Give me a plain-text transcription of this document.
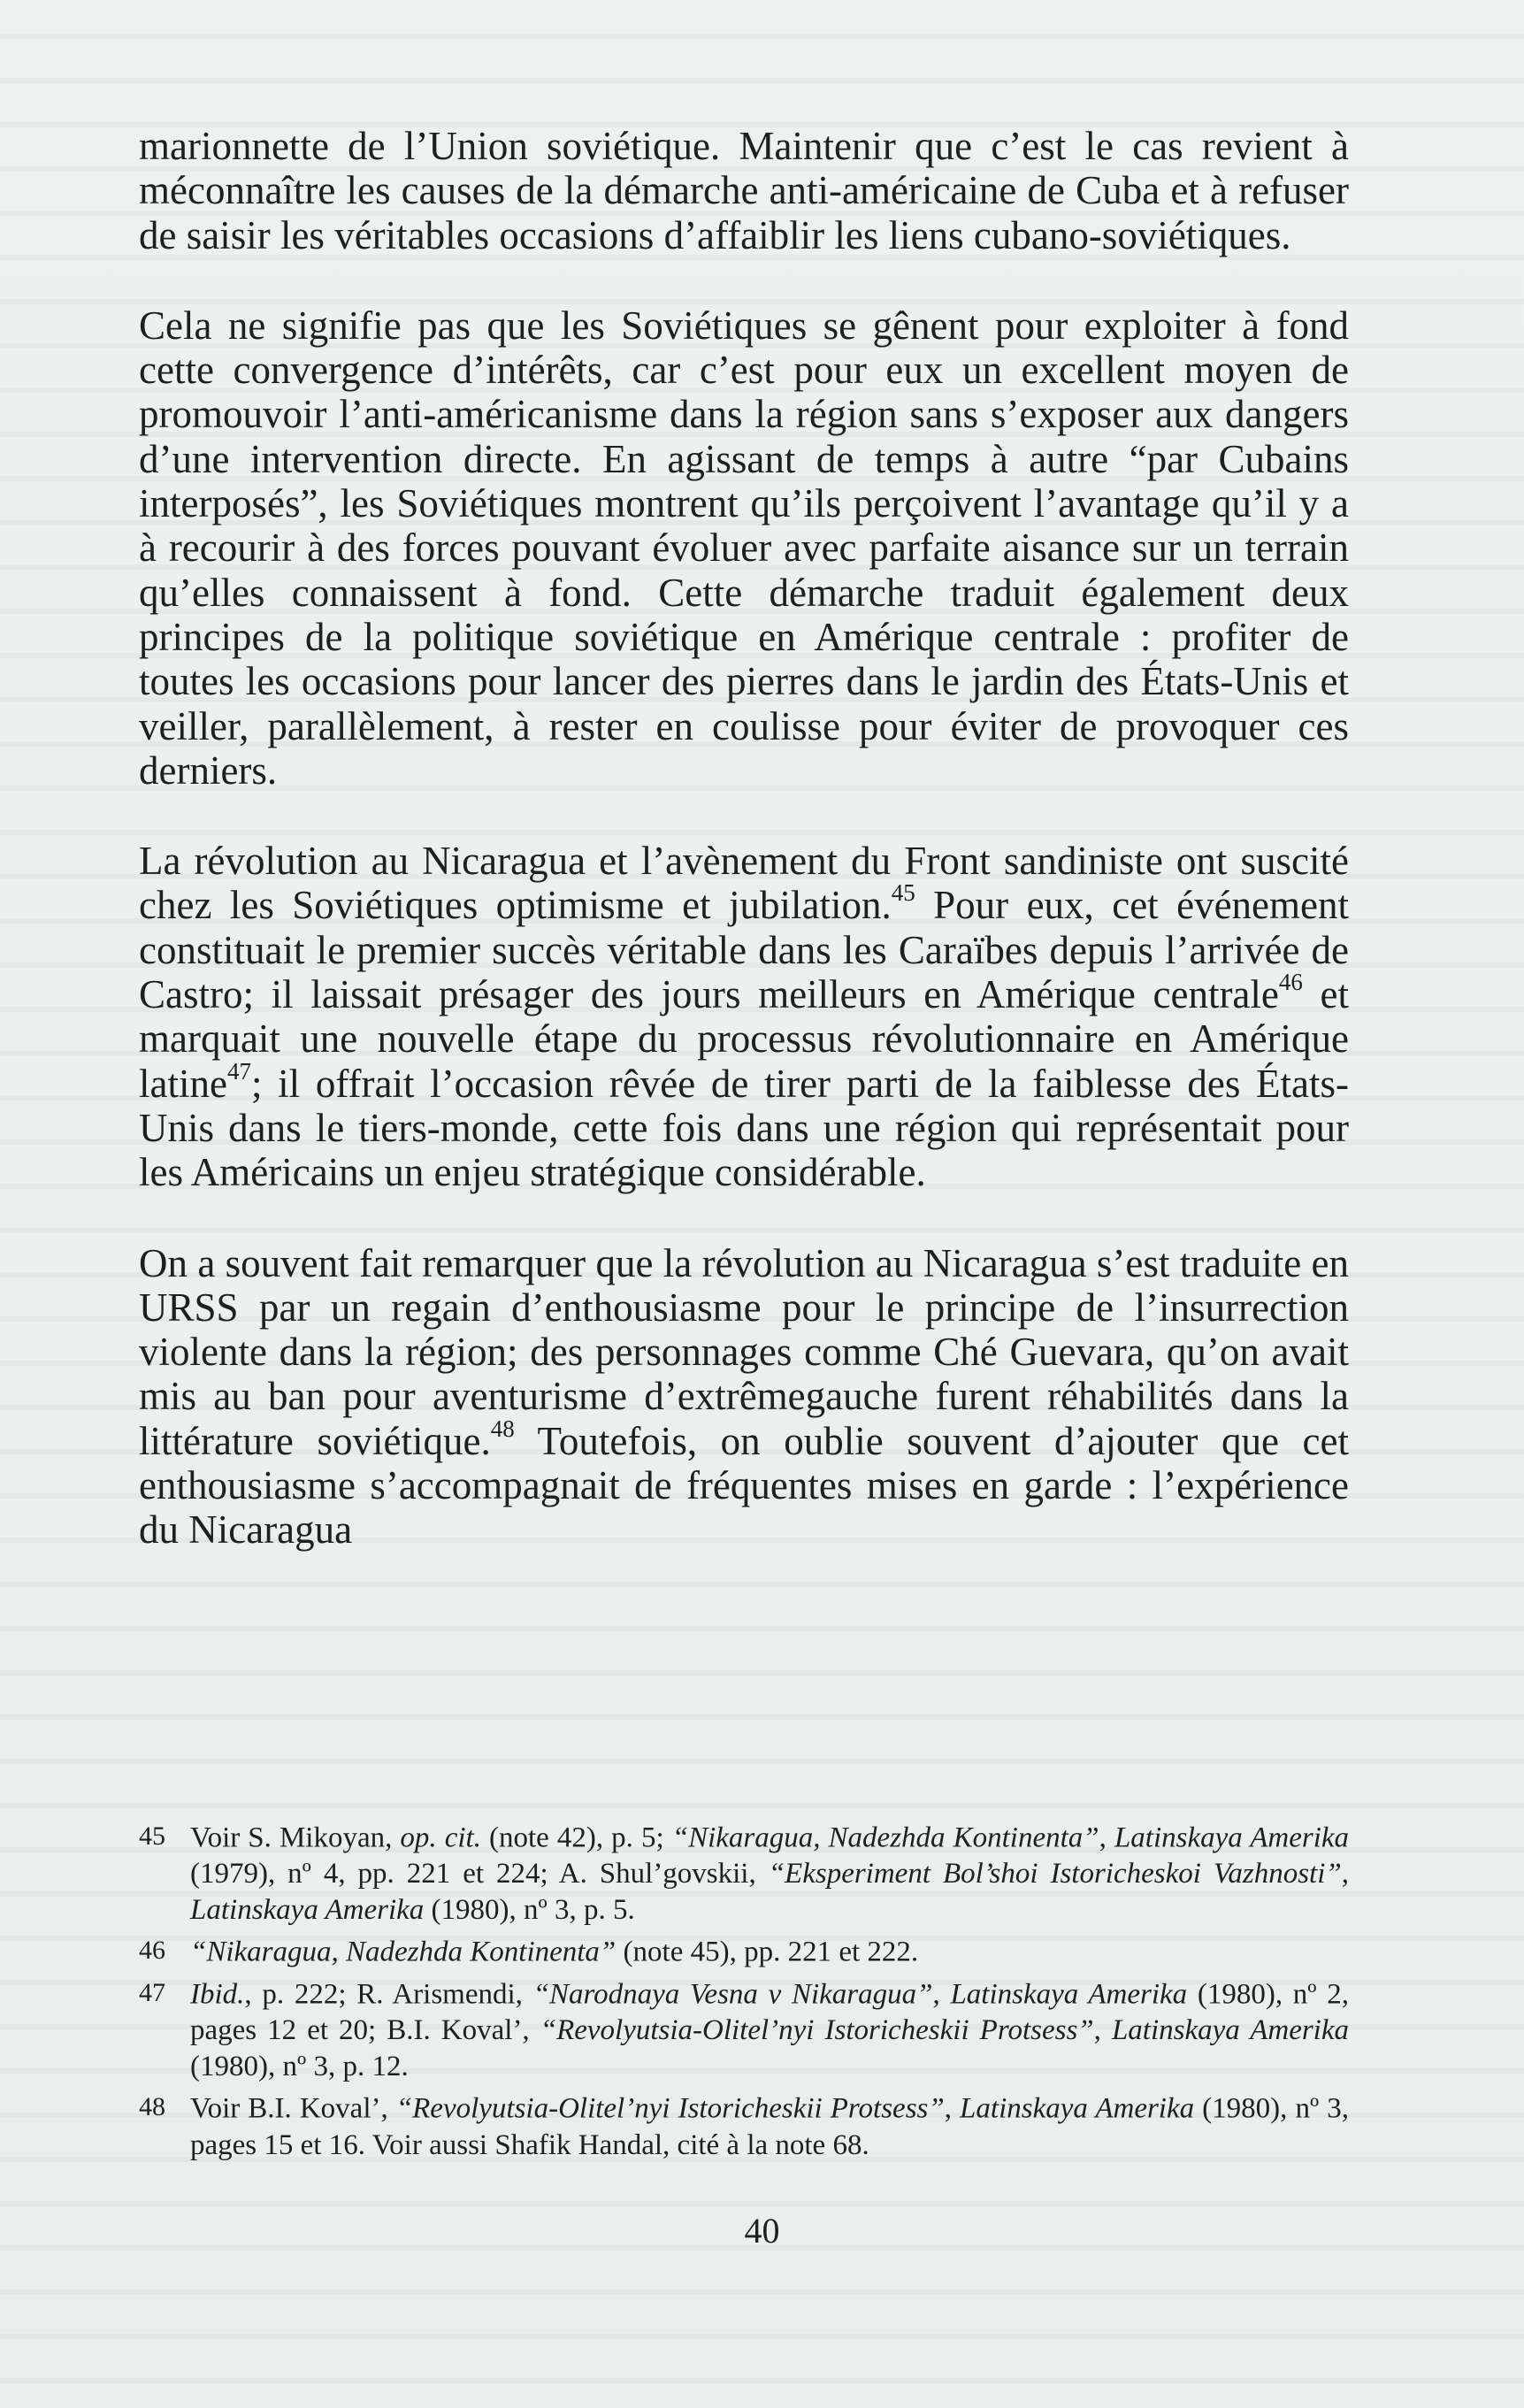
marionnette de l’Union soviétique. Maintenir que c’est le cas revient à méconnaître les causes de la démarche anti-américaine de Cuba et à refuser de saisir les véritables occasions d’affaiblir les liens cubano-soviétiques.

Cela ne signifie pas que les Soviétiques se gênent pour exploiter à fond cette convergence d’intérêts, car c’est pour eux un excellent moyen de promouvoir l’anti-américanisme dans la région sans s’exposer aux dangers d’une intervention directe. En agissant de temps à autre “par Cubains interposés”, les Soviétiques montrent qu’ils perçoivent l’avantage qu’il y a à recourir à des forces pouvant évoluer avec parfaite aisance sur un terrain qu’elles connaissent à fond. Cette démarche traduit également deux principes de la politique soviétique en Amérique centrale : profiter de toutes les occasions pour lancer des pierres dans le jardin des États-Unis et veiller, parallèlement, à rester en coulisse pour éviter de provoquer ces derniers.

La révolution au Nicaragua et l’avènement du Front sandiniste ont suscité chez les Soviétiques optimisme et jubilation.$^{45}$ Pour eux, cet événement constituait le premier succès véritable dans les Caraïbes depuis l’arrivée de Castro; il laissait présager des jours meilleurs en Amérique centrale$^{46}$ et marquait une nouvelle étape du processus révolutionnaire en Amérique latine$^{47}$; il offrait l’occasion rêvée de tirer parti de la faiblesse des États-Unis dans le tiers-monde, cette fois dans une région qui représentait pour les Américains un enjeu stratégique considérable.

On a souvent fait remarquer que la révolution au Nicaragua s’est traduite en URSS par un regain d’enthousiasme pour le principe de l’insurrection violente dans la région; des personnages comme Ché Guevara, qu’on avait mis au ban pour aventurisme d’extrêmegauche furent réhabilités dans la littérature soviétique.$^{48}$ Toutefois, on oublie souvent d’ajouter que cet enthousiasme s’accompagnait de fréquentes mises en garde : l’expérience du Nicaragua

45 Voir S. Mikoyan, op. cit. (note 42), p. 5; “Nikaragua, Nadezhda Kontinenta”, Latinskaya Amerika (1979), nº 4, pp. 221 et 224; A. Shul’govskii, “Eksperiment Bol’shoi Istoricheskoi Vazhnosti”, Latinskaya Amerika (1980), nº 3, p. 5.

46 “Nikaragua, Nadezhda Kontinenta” (note 45), pp. 221 et 222.

47 Ibid., p. 222; R. Arismendi, “Narodnaya Vesna v Nikaragua”, Latinskaya Amerika (1980), nº 2, pages 12 et 20; B.I. Koval’, “Revolyutsia-Olitel’nyi Istoricheskii Protsess”, Latinskaya Amerika (1980), nº 3, p. 12.

48 Voir B.I. Koval’, “Revolyutsia-Olitel’nyi Istoricheskii Protsess”, Latinskaya Amerika (1980), nº 3, pages 15 et 16. Voir aussi Shafik Handal, cité à la note 68.

40
